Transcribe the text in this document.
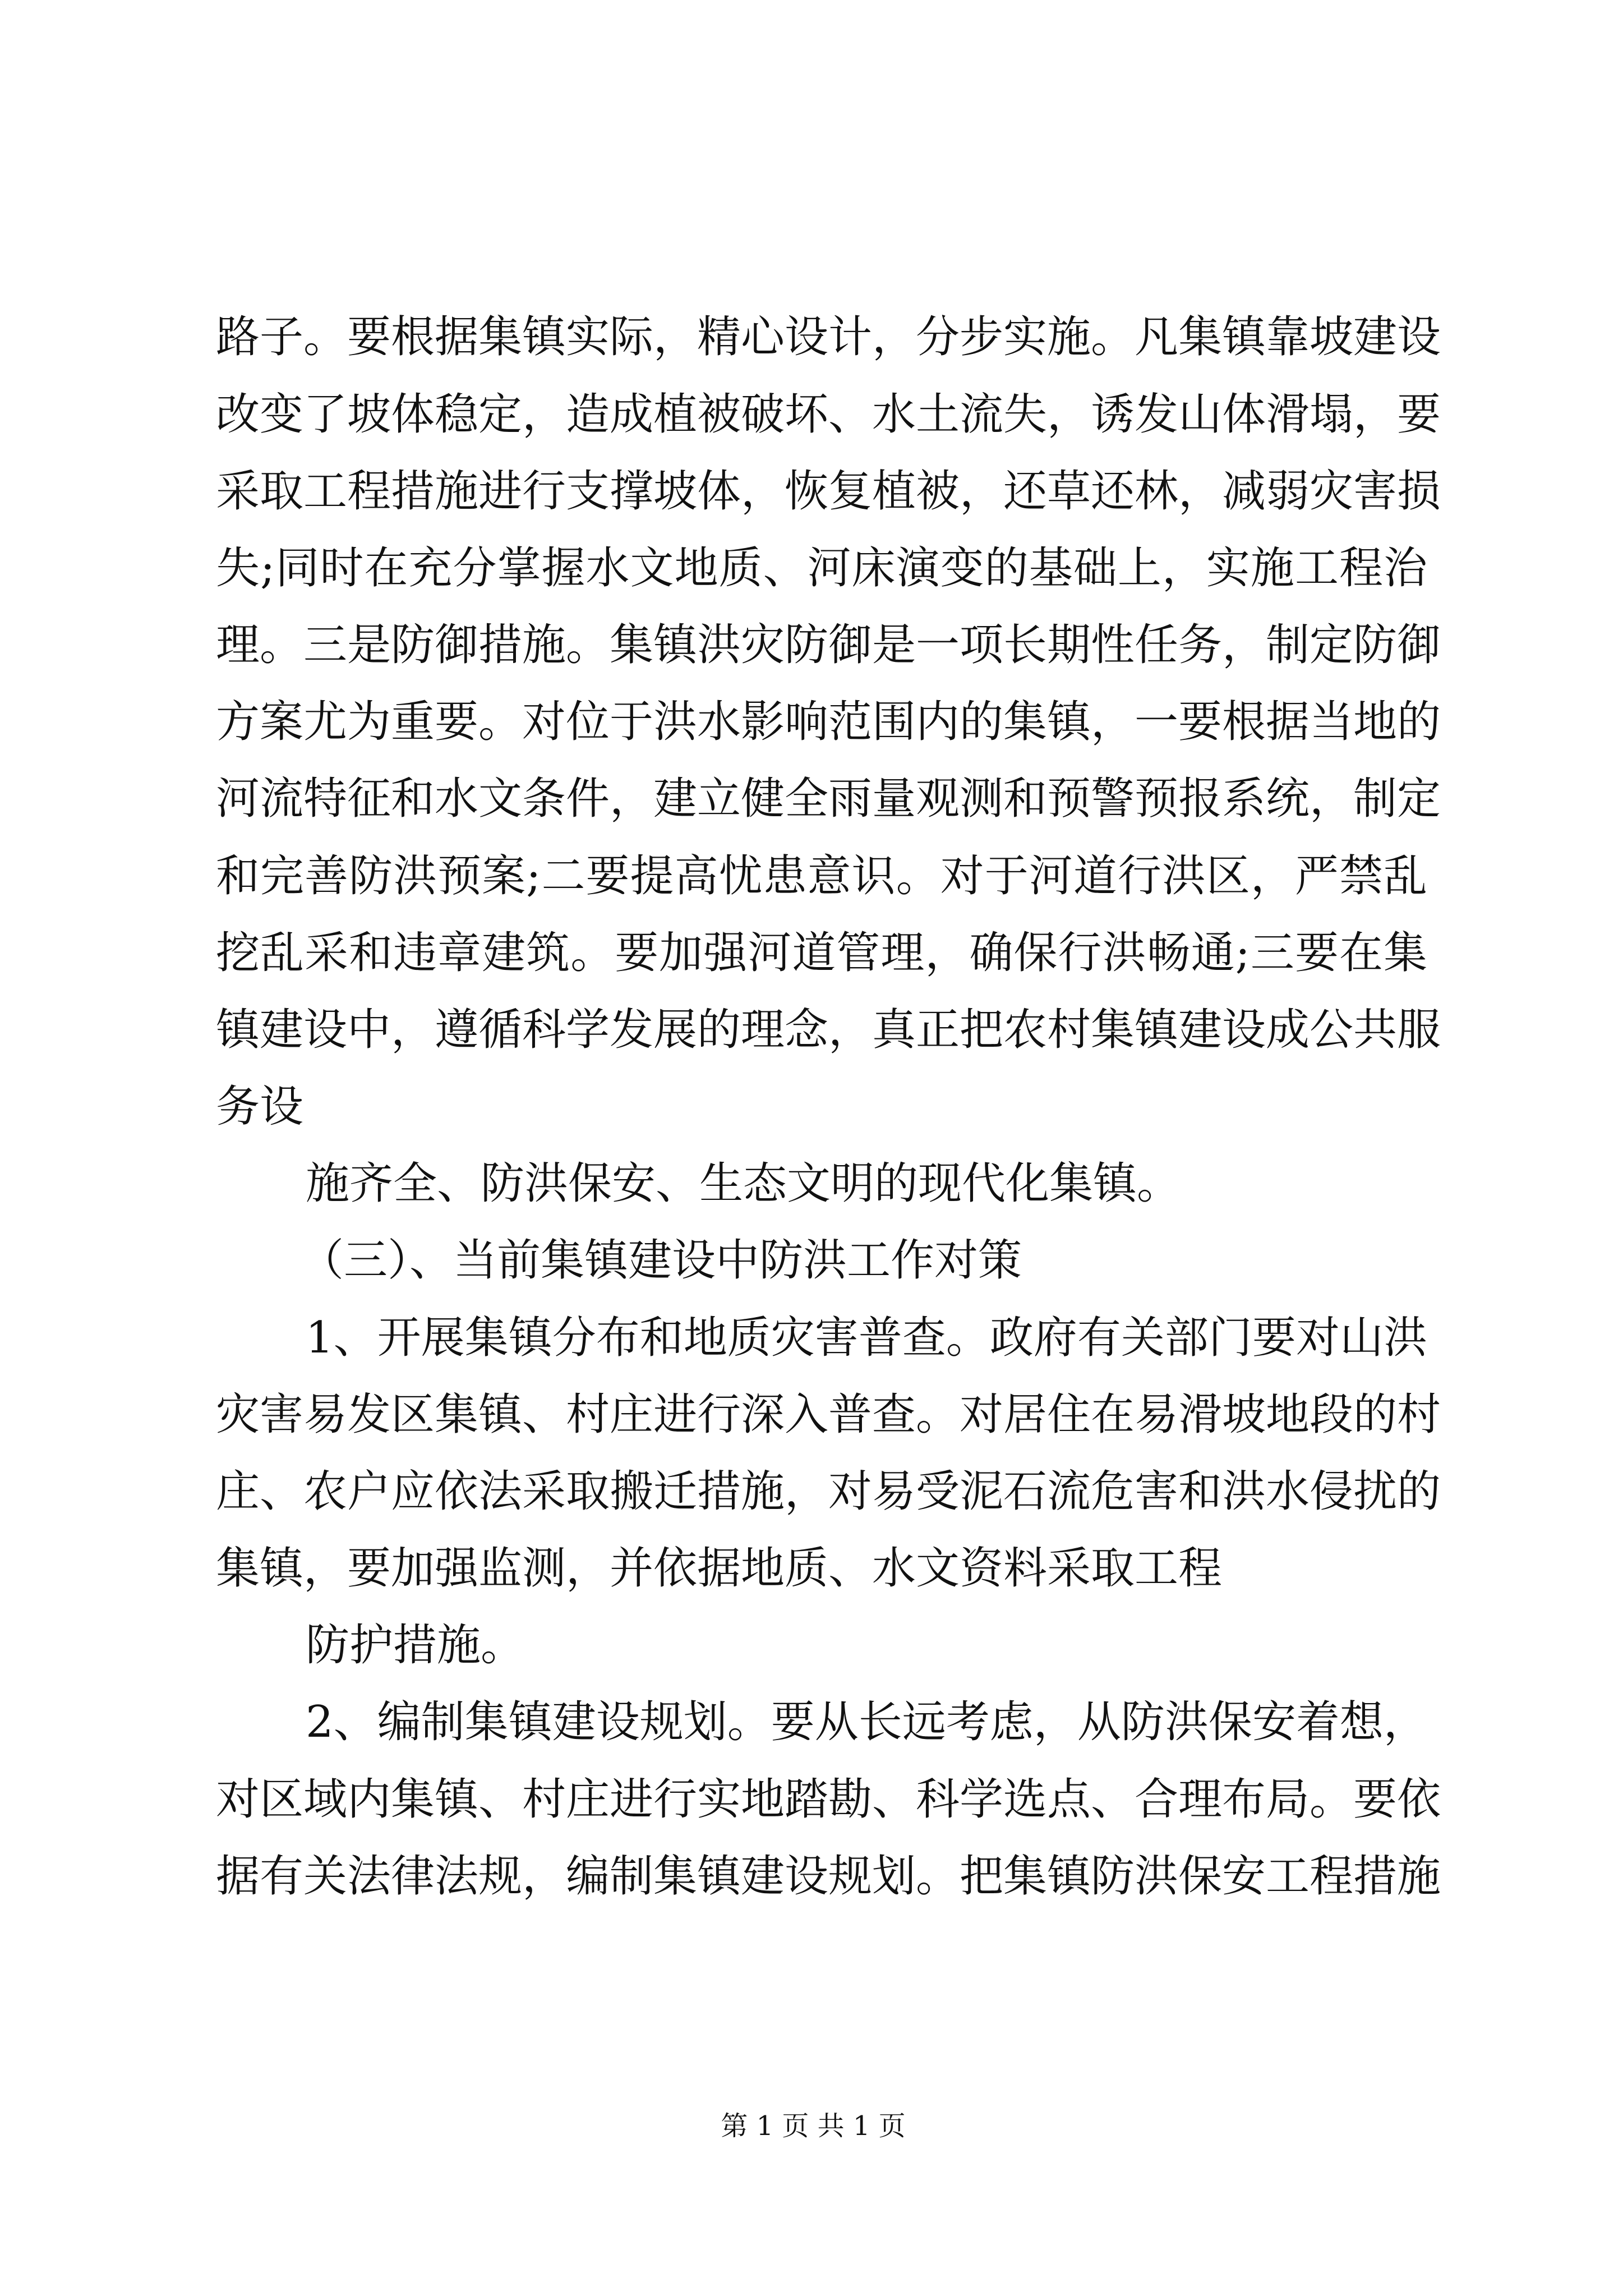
路子。要根据集镇实际，精心设计，分步实施。凡集镇靠坡建设
改变了坡体稳定，造成植被破坏、水土流失，诱发山体滑塌，要
采取工程措施进行支撑坡体，恢复植被，还草还林，减弱灾害损
失;同时在充分掌握水文地质、河床演变的基础上，实施工程治
理。三是防御措施。集镇洪灾防御是一项长期性任务，制定防御
方案尤为重要。对位于洪水影响范围内的集镇，一要根据当地的
河流特征和水文条件，建立健全雨量观测和预警预报系统，制定
和完善防洪预案;二要提高忧患意识。对于河道行洪区，严禁乱
挖乱采和违章建筑。要加强河道管理，确保行洪畅通;三要在集
镇建设中，遵循科学发展的理念，真正把农村集镇建设成公共服
务设
施齐全、防洪保安、生态文明的现代化集镇。
（三）、当前集镇建设中防洪工作对策
1、开展集镇分布和地质灾害普查。政府有关部门要对山洪
灾害易发区集镇、村庄进行深入普查。对居住在易滑坡地段的村
庄、农户应依法采取搬迁措施，对易受泥石流危害和洪水侵扰的
集镇，要加强监测，并依据地质、水文资料采取工程
防护措施。
2、编制集镇建设规划。要从长远考虑，从防洪保安着想，
对区域内集镇、村庄进行实地踏勘、科学选点、合理布局。要依
据有关法律法规，编制集镇建设规划。把集镇防洪保安工程措施
第 1 页 共 1 页
